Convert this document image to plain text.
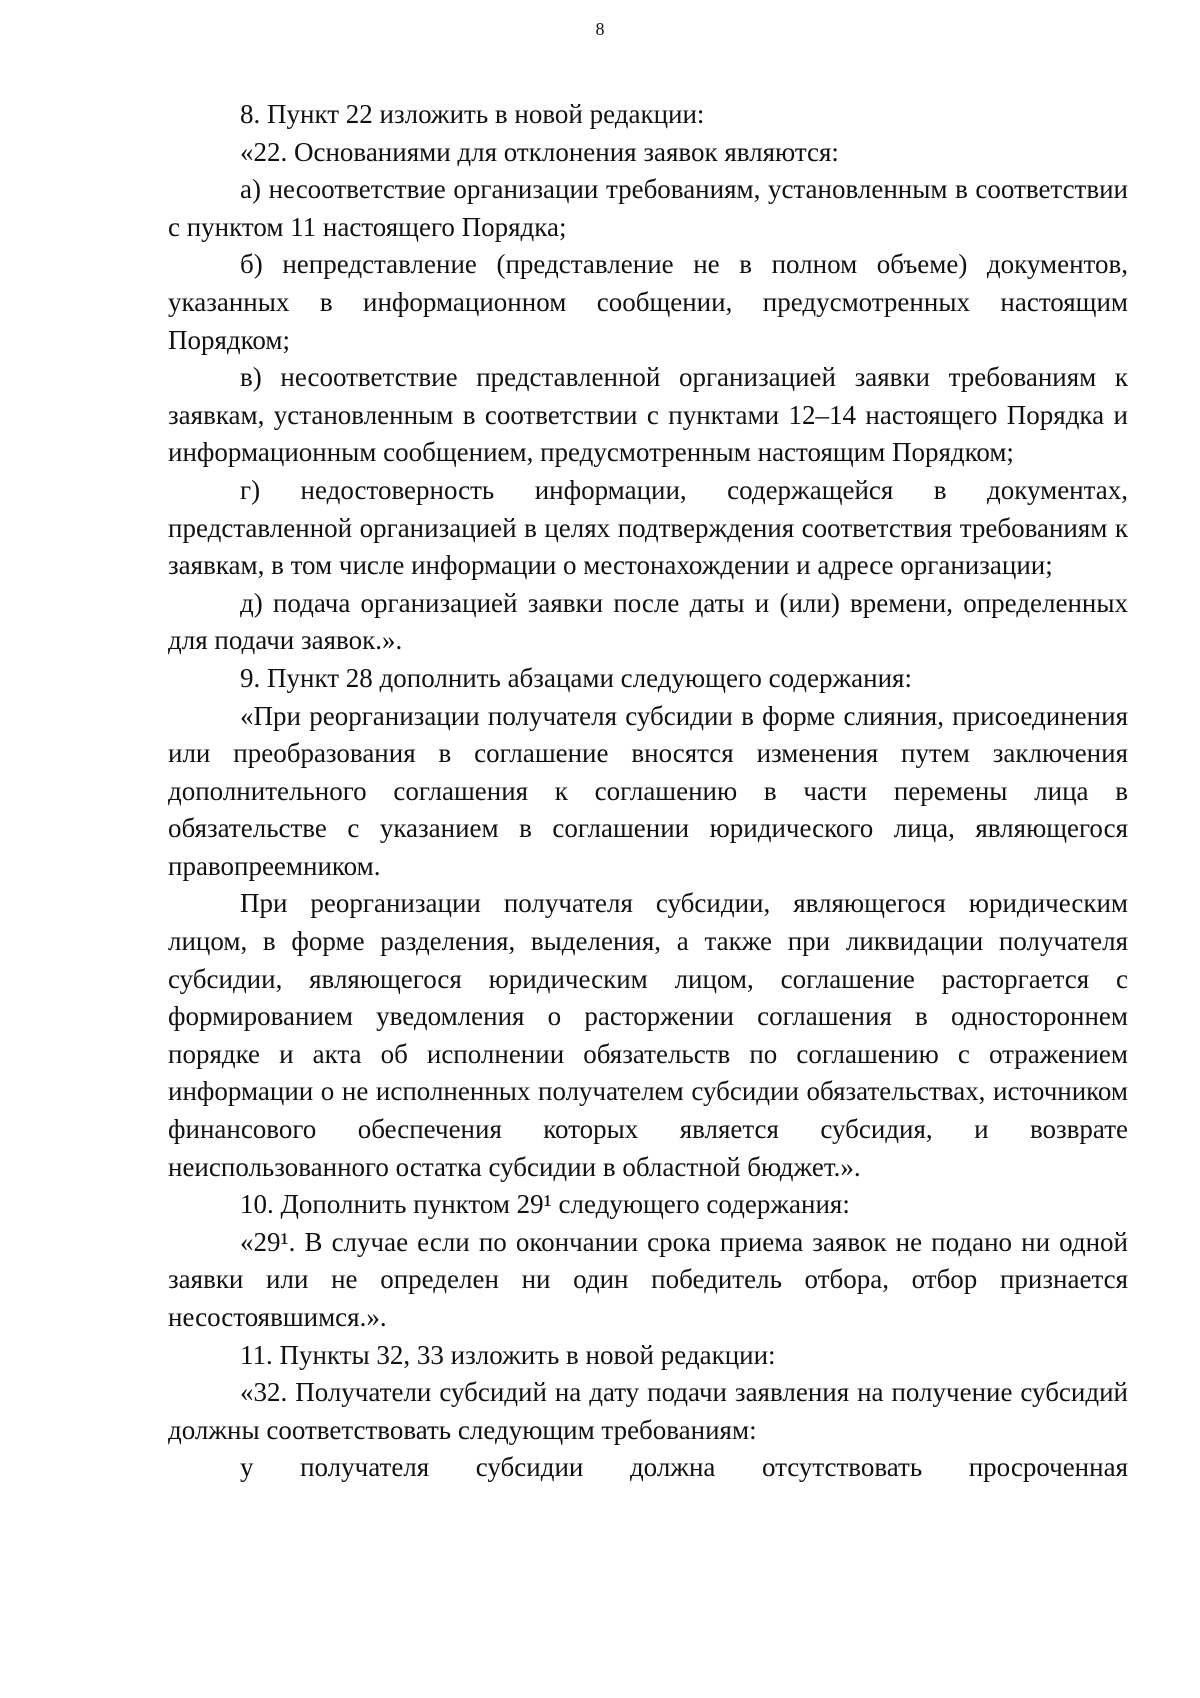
8

8. Пункт 22 изложить в новой редакции:

«22. Основаниями для отклонения заявок являются:

а) несоответствие организации требованиям, установленным в соответствии с пунктом 11 настоящего Порядка;

б) непредставление (представление не в полном объеме) документов, указанных в информационном сообщении, предусмотренных настоящим Порядком;

в) несоответствие представленной организацией заявки требованиям к заявкам, установленным в соответствии с пунктами 12–14 настоящего Порядка и информационным сообщением, предусмотренным настоящим Порядком;

г) недостоверность информации, содержащейся в документах, представленной организацией в целях подтверждения соответствия требованиям к заявкам, в том числе информации о местонахождении и адресе организации;

д) подача организацией заявки после даты и (или) времени, определенных для подачи заявок.».

9. Пункт 28 дополнить абзацами следующего содержания:

«При реорганизации получателя субсидии в форме слияния, присоединения или преобразования в соглашение вносятся изменения путем заключения дополнительного соглашения к соглашению в части перемены лица в обязательстве с указанием в соглашении юридического лица, являющегося правопреемником.

При реорганизации получателя субсидии, являющегося юридическим лицом, в форме разделения, выделения, а также при ликвидации получателя субсидии, являющегося юридическим лицом, соглашение расторгается с формированием уведомления о расторжении соглашения в одностороннем порядке и акта об исполнении обязательств по соглашению с отражением информации о не исполненных получателем субсидии обязательствах, источником финансового обеспечения которых является субсидия, и возврате неиспользованного остатка субсидии в областной бюджет.».

10. Дополнить пунктом 29¹ следующего содержания:

«29¹. В случае если по окончании срока приема заявок не подано ни одной заявки или не определен ни один победитель отбора, отбор признается несостоявшимся.».

11. Пункты 32, 33 изложить в новой редакции:

«32. Получатели субсидий на дату подачи заявления на получение субсидий должны соответствовать следующим требованиям:

у получателя субсидии должна отсутствовать просроченная
